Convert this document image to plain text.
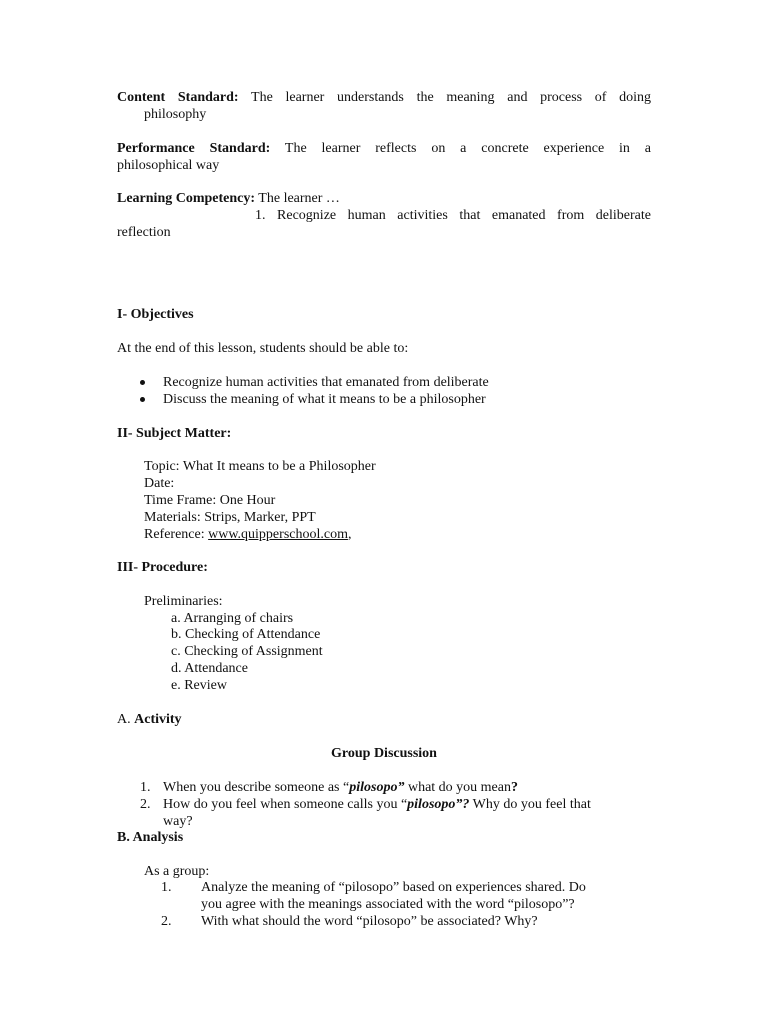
Content Standard: The learner understands the meaning and process of doing
philosophy
Performance Standard: The learner reflects on a concrete experience in a
philosophical way
Learning Competency: The learner …
1. Recognize human activities that emanated from deliberate
reflection
I- Objectives
At the end of this lesson, students should be able to:
Recognize human activities that emanated from deliberate
Discuss the meaning of what it means to be a philosopher
II- Subject Matter:
Topic: What It means to be a Philosopher
Date:
Time Frame: One Hour
Materials: Strips, Marker, PPT
Reference: www.quipperschool.com,
III- Procedure:
Preliminaries:
a. Arranging of chairs
b. Checking of Attendance
c. Checking of Assignment
d. Attendance
e. Review
A. Activity
Group Discussion
1. When you describe someone as “pilosopo” what do you mean?
2. How do you feel when someone calls you “pilosopo”? Why do you feel that
way?
B. Analysis
As a group:
1. Analyze the meaning of “pilosopo” based on experiences shared. Do
you agree with the meanings associated with the word “pilosopo”?
2. With what should the word “pilosopo” be associated? Why?
